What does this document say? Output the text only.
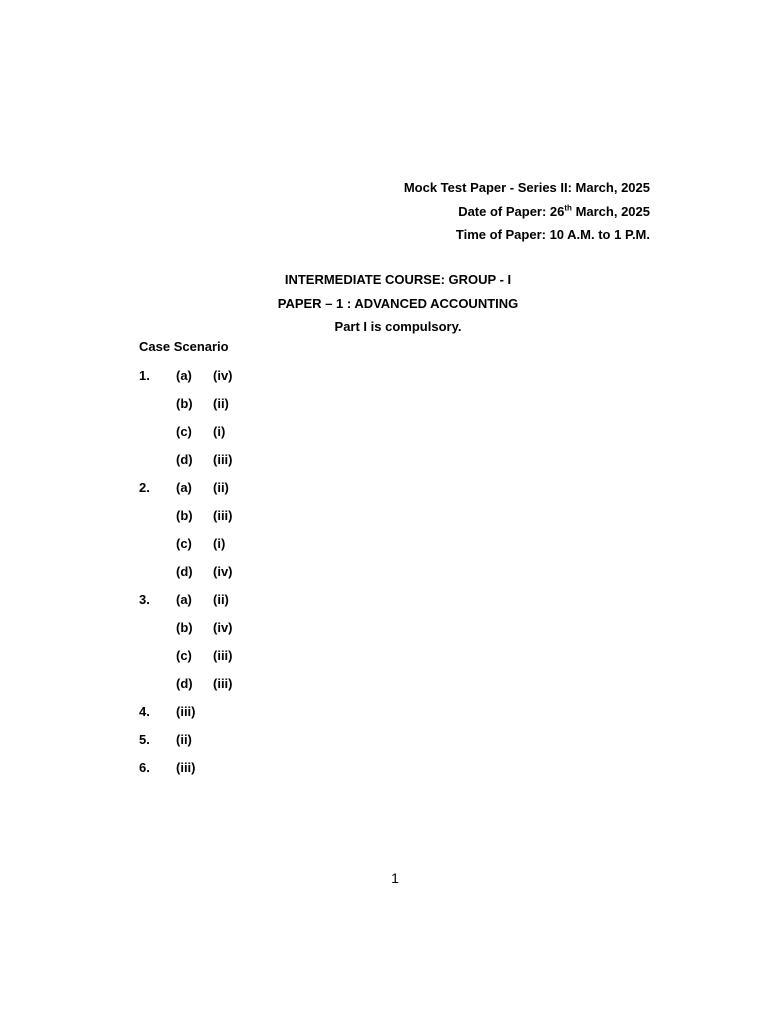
Mock Test Paper - Series II: March, 2025
Date of Paper: 26th March, 2025
Time of Paper: 10 A.M. to 1 P.M.
INTERMEDIATE COURSE: GROUP - I
PAPER – 1 : ADVANCED ACCOUNTING
Part I is compulsory.
Case Scenario
1. (a) (iv)
(b) (ii)
(c) (i)
(d) (iii)
2. (a) (ii)
(b) (iii)
(c) (i)
(d) (iv)
3. (a) (ii)
(b) (iv)
(c) (iii)
(d) (iii)
4. (iii)
5. (ii)
6. (iii)
1
